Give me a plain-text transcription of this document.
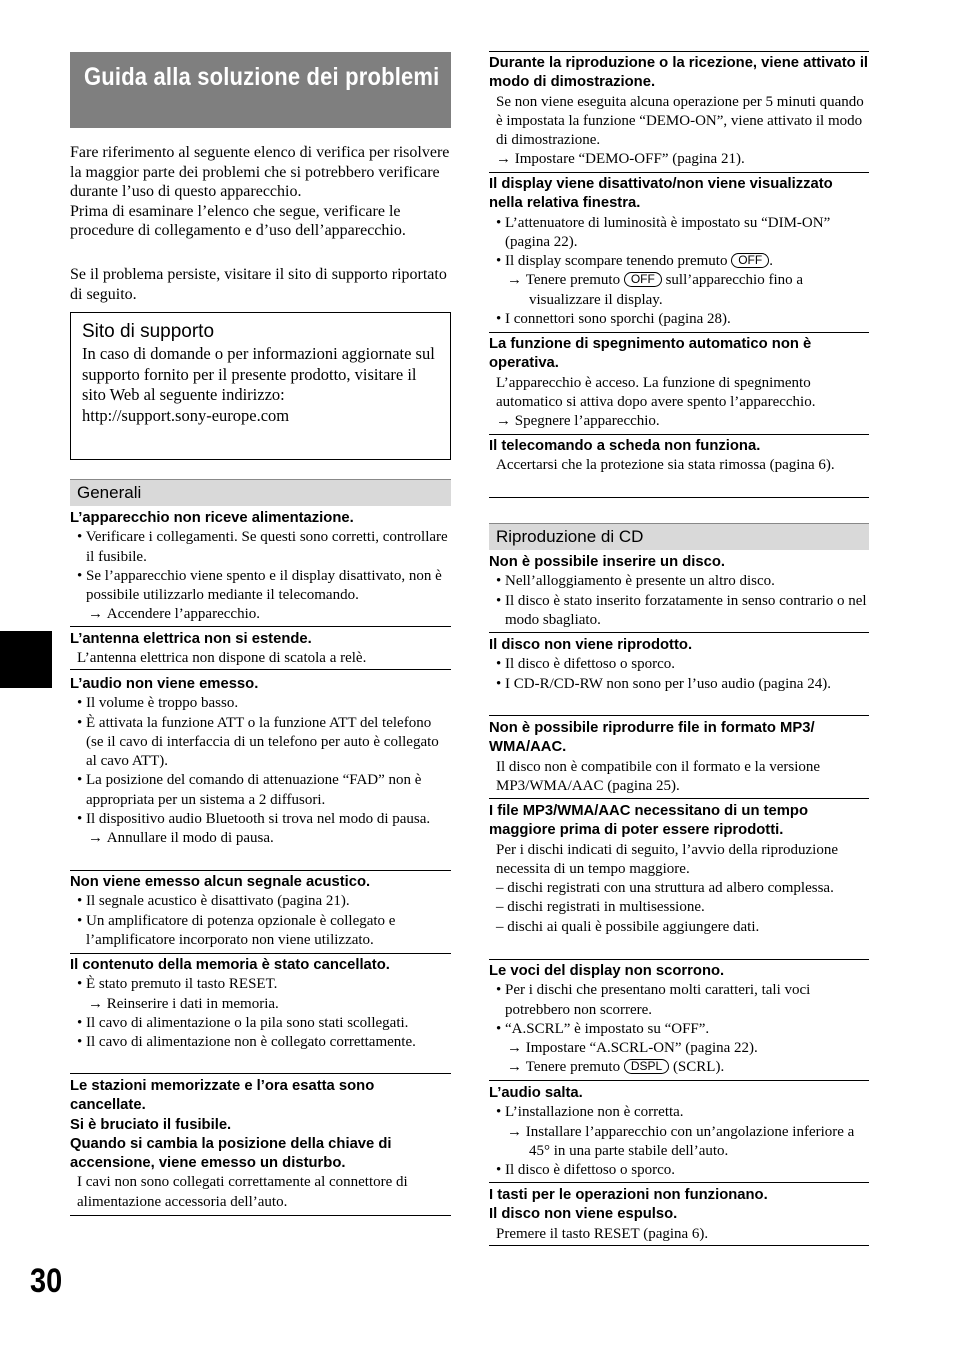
Guida alla soluzione dei problemi
Fare riferimento al seguente elenco di verifica per risolvere la maggior parte dei problemi che si potrebbero verificare durante l’uso di questo apparecchio.
Prima di esaminare l’elenco che segue, verificare le procedure di collegamento e d’uso dell’apparecchio.
Se il problema persiste, visitare il sito di supporto riportato di seguito.
Sito di supporto
In caso di domande o per informazioni aggiornate sul supporto fornito per il presente prodotto, visitare il sito Web al seguente indirizzo:
http://support.sony-europe.com
Generali
L’apparecchio non riceve alimentazione.

• Verificare i collegamenti. Se questi sono corretti, controllare il fusibile.

• Se l’apparecchio viene spento e il display disattivato, non è possibile utilizzarlo mediante il telecomando.

→ Accendere l’apparecchio.

L’antenna elettrica non si estende.

L’antenna elettrica non dispone di scatola a relè.

L’audio non viene emesso.

• Il volume è troppo basso.

• È attivata la funzione ATT o la funzione ATT del telefono (se il cavo di interfaccia di un telefono per auto è collegato al cavo ATT).

• La posizione del comando di attenuazione “FAD” non è appropriata per un sistema a 2 diffusori.

• Il dispositivo audio Bluetooth si trova nel modo di pausa.

→ Annullare il modo di pausa.

Non viene emesso alcun segnale acustico.

• Il segnale acustico è disattivato (pagina 21).

• Un amplificatore di potenza opzionale è collegato e l’amplificatore incorporato non viene utilizzato.

Il contenuto della memoria è stato cancellato.

• È stato premuto il tasto RESET.

→ Reinserire i dati in memoria.

• Il cavo di alimentazione o la pila sono stati scollegati.

• Il cavo di alimentazione non è collegato correttamente.

Le stazioni memorizzate e l’ora esatta sono cancellate.
Si è bruciato il fusibile.
Quando si cambia la posizione della chiave di accensione, viene emesso un disturbo.

I cavi non sono collegati correttamente al connettore di alimentazione accessoria dell’auto.

Durante la riproduzione o la ricezione, viene attivato il modo di dimostrazione.

Se non viene eseguita alcuna operazione per 5 minuti quando è impostata la funzione “DEMO-ON”, viene attivato il modo di dimostrazione.

→ Impostare “DEMO-OFF” (pagina 21).

Il display viene disattivato/non viene visualizzato nella relativa finestra.

• L’attenuatore di luminosità è impostato su “DIM-ON” (pagina 22).

• Il display scompare tenendo premuto OFF .

→ Tenere premuto OFF sull’apparecchio fino a visualizzare il display.

• I connettori sono sporchi (pagina 28).

La funzione di spegnimento automatico non è operativa.

L’apparecchio è acceso. La funzione di spegnimento automatico si attiva dopo avere spento l’apparecchio.

→ Spegnere l’apparecchio.

Il telecomando a scheda non funziona.

Accertarsi che la protezione sia stata rimossa (pagina 6).

Riproduzione di CD
Non è possibile inserire un disco.

• Nell’alloggiamento è presente un altro disco.

• Il disco è stato inserito forzatamente in senso contrario o nel modo sbagliato.

Il disco non viene riprodotto.

• Il disco è difettoso o sporco.

• I CD-R/CD-RW non sono per l’uso audio (pagina 24).

Non è possibile riprodurre file in formato MP3/ WMA/AAC.

Il disco non è compatibile con il formato e la versione MP3/WMA/AAC (pagina 25).

I file MP3/WMA/AAC necessitano di un tempo maggiore prima di poter essere riprodotti.

Per i dischi indicati di seguito, l’avvio della riproduzione necessita di un tempo maggiore.

– dischi registrati con una struttura ad albero complessa.

– dischi registrati in multisessione.

– dischi ai quali è possibile aggiungere dati.

Le voci del display non scorrono.

• Per i dischi che presentano molti caratteri, tali voci potrebbero non scorrere.

• “A.SCRL” è impostato su “OFF”.

→ Impostare “A.SCRL-ON” (pagina 22).

→ Tenere premuto DSPL (SCRL).

L’audio salta.

• L’installazione non è corretta.

→ Installare l’apparecchio con un’angolazione inferiore a 45° in una parte stabile dell’auto.

• Il disco è difettoso o sporco.

I tasti per le operazioni non funzionano.
Il disco non viene espulso.

Premere il tasto RESET (pagina 6).

30
